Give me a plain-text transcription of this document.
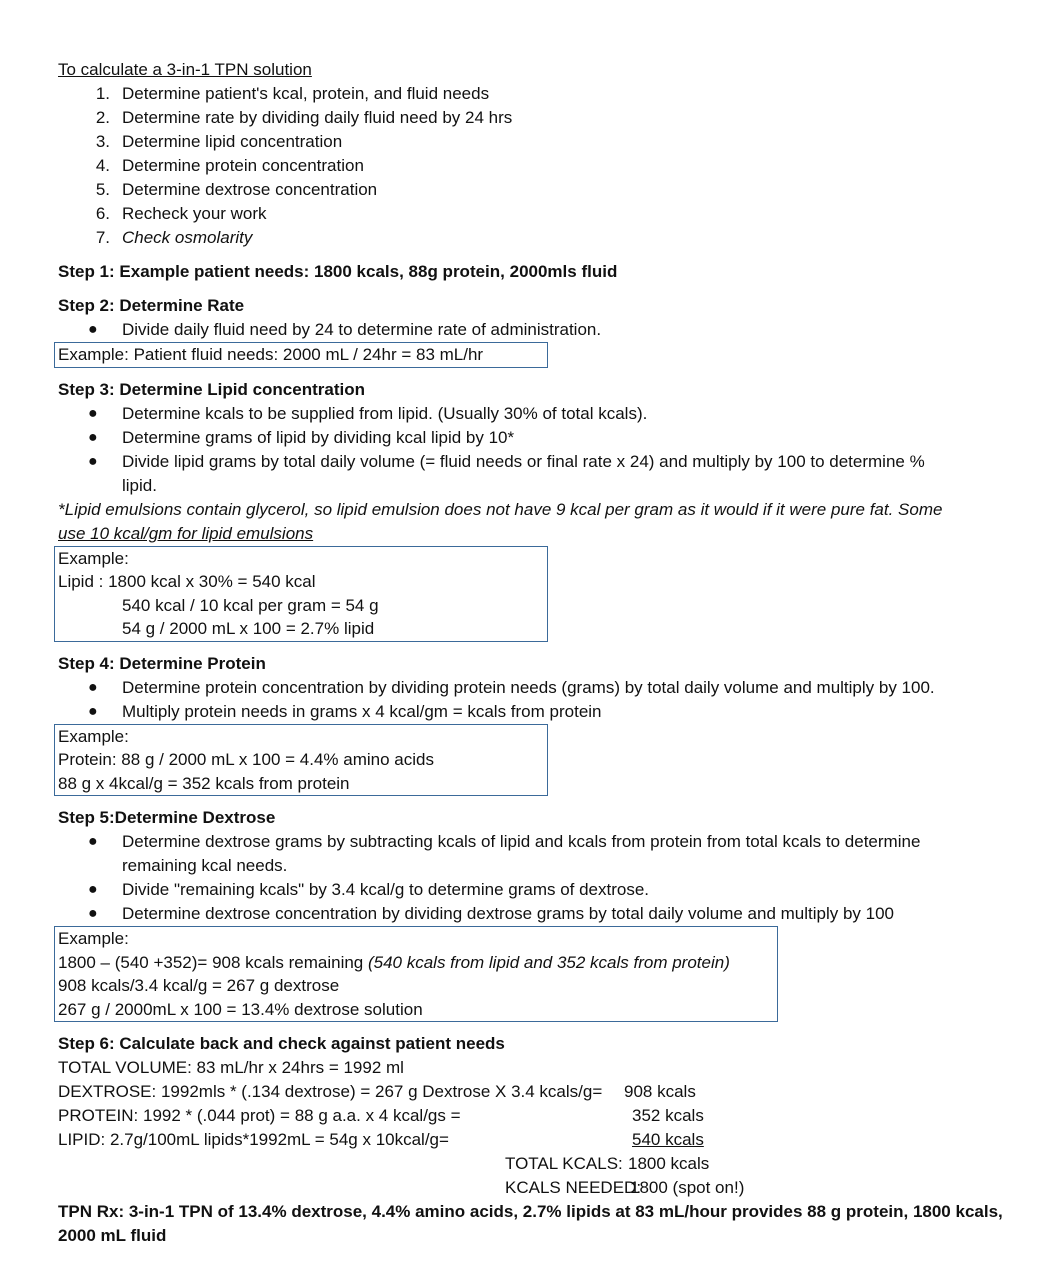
To calculate a 3-in-1 TPN solution
1. Determine patient's kcal, protein, and fluid needs
2. Determine rate by dividing daily fluid need by 24 hrs
3. Determine lipid concentration
4. Determine protein concentration
5. Determine dextrose concentration
6. Recheck your work
7. Check osmolarity
Step 1: Example patient needs: 1800 kcals, 88g protein, 2000mls fluid
Step 2: Determine Rate
● Divide daily fluid need by 24 to determine rate of administration.
Example: Patient fluid needs: 2000 mL / 24hr = 83 mL/hr
Step 3: Determine Lipid concentration
● Determine kcals to be supplied from lipid. (Usually 30% of total kcals).
● Determine grams of lipid by dividing kcal lipid by 10*
● Divide lipid grams by total daily volume (= fluid needs or final rate x 24) and multiply by 100 to determine %
lipid.
*Lipid emulsions contain glycerol, so lipid emulsion does not have 9 kcal per gram as it would if it were pure fat. Some
use 10 kcal/gm for lipid emulsions
Example:
Lipid : 1800 kcal x 30% = 540 kcal
540 kcal / 10 kcal per gram = 54 g
54 g / 2000 mL x 100 = 2.7% lipid
Step 4: Determine Protein
● Determine protein concentration by dividing protein needs (grams) by total daily volume and multiply by 100.
● Multiply protein needs in grams x 4 kcal/gm = kcals from protein
Example:
Protein: 88 g / 2000 mL x 100 = 4.4% amino acids
88 g x 4kcal/g = 352 kcals from protein
Step 5:Determine Dextrose
● Determine dextrose grams by subtracting kcals of lipid and kcals from protein from total kcals to determine
remaining kcal needs.
● Divide "remaining kcals" by 3.4 kcal/g to determine grams of dextrose.
● Determine dextrose concentration by dividing dextrose grams by total daily volume and multiply by 100
Example:
1800 – (540 +352)= 908 kcals remaining (540 kcals from lipid and 352 kcals from protein)
908 kcals/3.4 kcal/g = 267 g dextrose
267 g / 2000mL x 100 = 13.4% dextrose solution
Step 6: Calculate back and check against patient needs
TOTAL VOLUME: 83 mL/hr x 24hrs = 1992 ml
DEXTROSE: 1992mls * (.134 dextrose) = 267 g Dextrose X 3.4 kcals/g= 908 kcals
PROTEIN: 1992 * (.044 prot) = 88 g a.a. x 4 kcal/gs =	352 kcals
LIPID: 2.7g/100mL lipids*1992mL = 54g x 10kcal/g=	540 kcals
TOTAL KCALS: 1800 kcals
KCALS NEEDED:
1800 (spot on!)
TPN Rx: 3-in-1 TPN of 13.4% dextrose, 4.4% amino acids, 2.7% lipids at 83 mL/hour provides 88 g protein, 1800 kcals,
2000 mL fluid
